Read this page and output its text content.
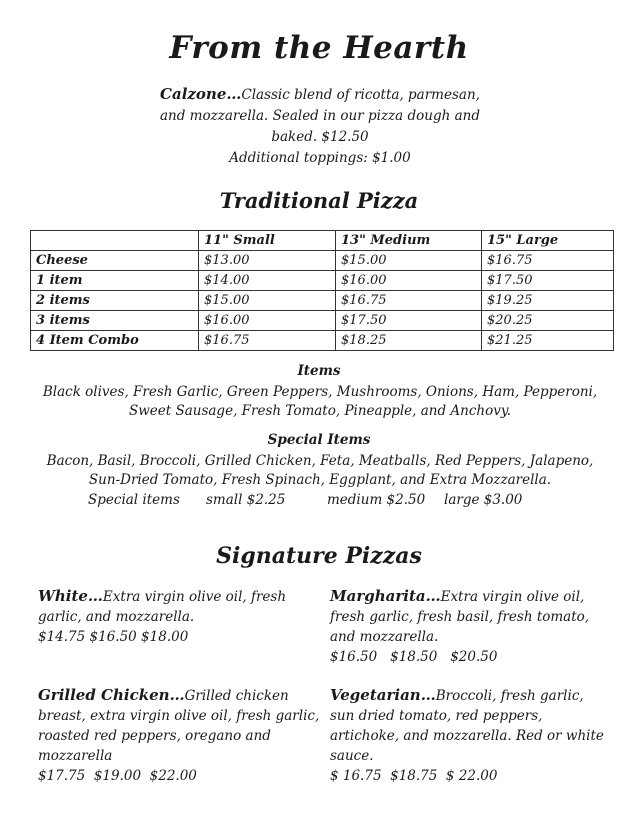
From the Hearth
Calzone…Classic blend of ricotta, parmesan, and mozzarella. Sealed in our pizza dough and baked. $12.50
Additional toppings: $1.00
Traditional Pizza
	11" Small	13" Medium	15" Large
Cheese	$13.00	$15.00	$16.75
1 item	$14.00	$16.00	$17.50
2 items	$15.00	$16.75	$19.25
3 items	$16.00	$17.50	$20.25
4 Item Combo	$16.75	$18.25	$21.25
Items
Black olives, Fresh Garlic, Green Peppers, Mushrooms, Onions, Ham, Pepperoni, Sweet Sausage, Fresh Tomato, Pineapple, and Anchovy.
Special Items
Bacon, Basil, Broccoli, Grilled Chicken, Feta, Meatballs, Red Peppers, Jalapeno, Sun-Dried Tomato, Fresh Spinach, Eggplant, and Extra Mozzarella.
Special items small $2.25	medium $2.50 large $3.00
Signature Pizzas
White…Extra virgin olive oil, fresh garlic, and mozzarella.
$14.75 $16.50 $18.00
Margharita…Extra virgin olive oil, fresh garlic, fresh basil, fresh tomato, and mozzarella.
$16.50   $18.50   $20.50
Grilled Chicken…Grilled chicken breast, extra virgin olive oil, fresh garlic, roasted red peppers, oregano and mozzarella
$17.75  $19.00  $22.00
Vegetarian…Broccoli, fresh garlic, sun dried tomato, red peppers, artichoke, and mozzarella. Red or white sauce.
$ 16.75  $18.75  $ 22.00
